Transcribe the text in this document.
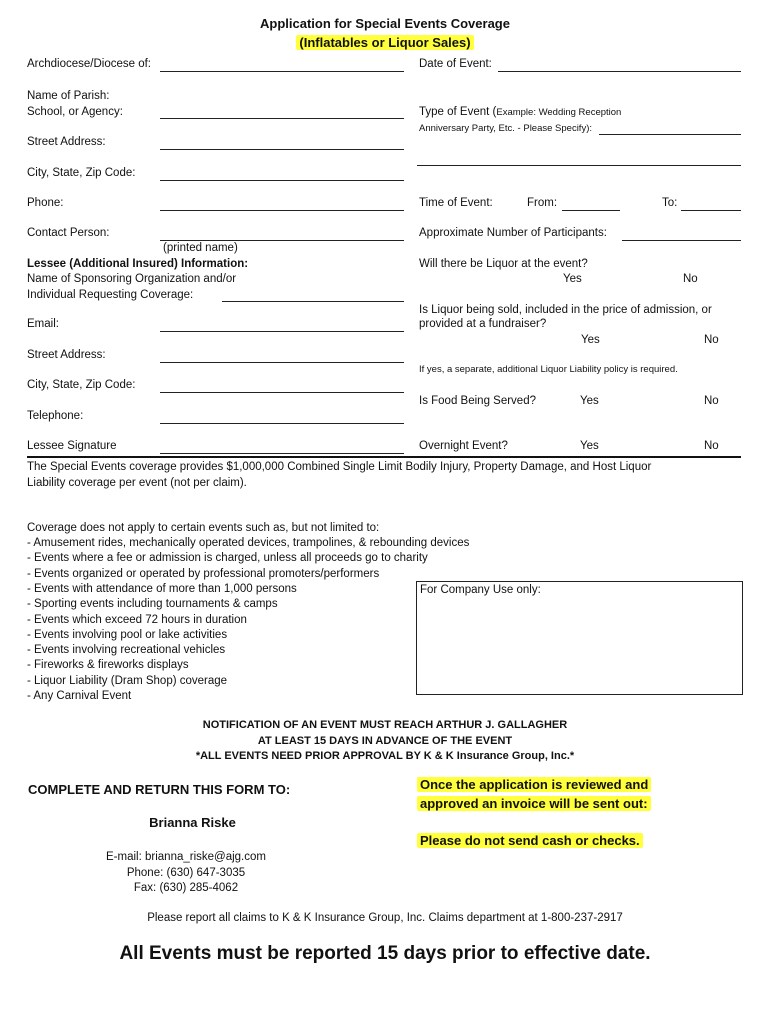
Application for Special Events Coverage
(Inflatables or Liquor Sales)
Archdiocese/Diocese of:
Name of Parish:
School, or Agency:
Street Address:
City, State, Zip Code:
Phone:
Contact Person:
(printed name)
Lessee (Additional Insured) Information:
Name of Sponsoring Organization and/or
Individual Requesting Coverage:
Email:
Street Address:
City, State, Zip Code:
Telephone:
Lessee Signature
Date of Event:
Type of Event (Example: Wedding Reception
Anniversary Party, Etc. - Please Specify):
Time of Event:	From:	To:
Approximate Number of Participants:
Will there be Liquor at the event?
Yes	No
Is Liquor being sold, included in the price of admission, or
provided at a fundraiser?
Yes	No
If yes, a separate, additional Liquor Liability policy is required.
Is Food Being Served?	Yes	No
Overnight Event?	Yes	No
The Special Events coverage provides $1,000,000 Combined Single Limit Bodily Injury, Property Damage, and Host Liquor
Liability coverage per event (not per claim).
Coverage does not apply to certain events such as, but not limited to:
- Amusement rides, mechanically operated devices, trampolines, & rebounding devices
- Events where a fee or admission is charged, unless all proceeds go to charity
- Events organized or operated by professional promoters/performers
- Events with attendance of more than 1,000 persons
- Sporting events including tournaments & camps
- Events which exceed 72 hours in duration
- Events involving pool or lake activities
- Events involving recreational vehicles
- Fireworks & fireworks displays
- Liquor Liability (Dram Shop) coverage
- Any Carnival Event
For Company Use only:
NOTIFICATION OF AN EVENT MUST REACH ARTHUR J. GALLAGHER
AT LEAST 15 DAYS IN ADVANCE OF THE EVENT
*ALL EVENTS NEED PRIOR APPROVAL BY K & K Insurance Group, Inc.*
COMPLETE AND RETURN THIS FORM TO:
Brianna Riske
E-mail: brianna_riske@ajg.com
Phone: (630) 647-3035
Fax: (630) 285-4062
Once the application is reviewed and
approved an invoice will be sent out:
Please do not send cash or checks.
Please report all claims to K & K Insurance Group, Inc. Claims department at 1-800-237-2917
All Events must be reported 15 days prior to effective date.
